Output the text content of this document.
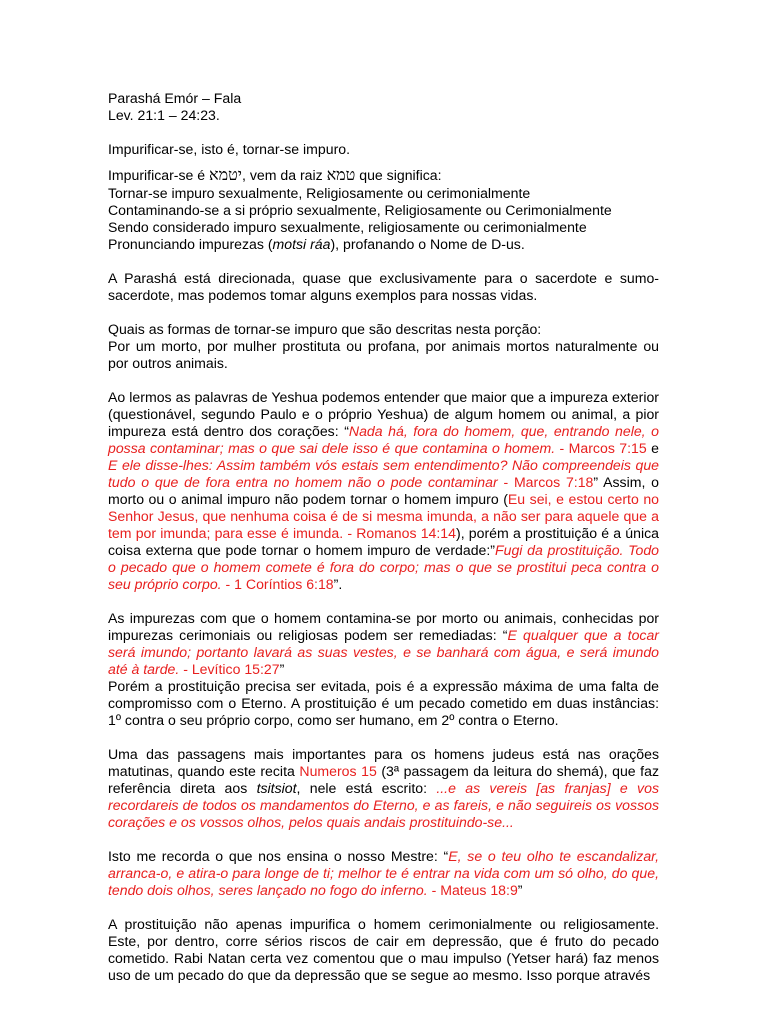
Parashá Emór – Fala
Lev. 21:1 – 24:23.
Impurificar-se, isto é, tornar-se impuro.
Impurificar-se é יטמא, vem da raiz טמא que significa:
Tornar-se impuro sexualmente, Religiosamente ou cerimonialmente
Contaminando-se a si próprio sexualmente, Religiosamente ou Cerimonialmente
Sendo considerado impuro sexualmente, religiosamente ou cerimonialmente
Pronunciando impurezas (motsi ráa), profanando o Nome de D-us.

A Parashá está direcionada, quase que exclusivamente para o sacerdote e sumo-sacerdote, mas podemos tomar alguns exemplos para nossas vidas.

Quais as formas de tornar-se impuro que são descritas nesta porção:

Por um morto, por mulher prostituta ou profana, por animais mortos naturalmente ou por outros animais.

Ao lermos as palavras de Yeshua podemos entender que maior que a impureza exterior (questionável, segundo Paulo e o próprio Yeshua) de algum homem ou animal, a pior impureza está dentro dos corações: “Nada há, fora do homem, que, entrando nele, o possa contaminar; mas o que sai dele isso é que contamina o homem. - Marcos 7:15 e E ele disse-lhes: Assim também vós estais sem entendimento? Não compreendeis que tudo o que de fora entra no homem não o pode contaminar - Marcos 7:18” Assim, o morto ou o animal impuro não podem tornar o homem impuro (Eu sei, e estou certo no Senhor Jesus, que nenhuma coisa é de si mesma imunda, a não ser para aquele que a tem por imunda; para esse é imunda. - Romanos 14:14), porém a prostituição é a única coisa externa que pode tornar o homem impuro de verdade:”Fugi da prostituição. Todo o pecado que o homem comete é fora do corpo; mas o que se prostitui peca contra o seu próprio corpo. - 1 Coríntios 6:18”.

As impurezas com que o homem contamina-se por morto ou animais, conhecidas por impurezas cerimoniais ou religiosas podem ser remediadas: “E qualquer que a tocar será imundo; portanto lavará as suas vestes, e se banhará com água, e será imundo até à tarde. - Levítico 15:27”

Porém a prostituição precisa ser evitada, pois é a expressão máxima de uma falta de compromisso com o Eterno. A prostituição é um pecado cometido em duas instâncias: 1º contra o seu próprio corpo, como ser humano, em 2º contra o Eterno.

Uma das passagens mais importantes para os homens judeus está nas orações matutinas, quando este recita Numeros 15 (3ª passagem da leitura do shemá), que faz referência direta aos tsitsiot, nele está escrito: ...e as vereis [as franjas] e vos recordareis de todos os mandamentos do Eterno, e as fareis, e não seguireis os vossos corações e os vossos olhos, pelos quais andais prostituindo-se...

Isto me recorda o que nos ensina o nosso Mestre: “E, se o teu olho te escandalizar, arranca-o, e atira-o para longe de ti; melhor te é entrar na vida com um só olho, do que, tendo dois olhos, seres lançado no fogo do inferno. - Mateus 18:9”

A prostituição não apenas impurifica o homem cerimonialmente ou religiosamente. Este, por dentro, corre sérios riscos de cair em depressão, que é fruto do pecado cometido. Rabi Natan certa vez comentou que o mau impulso (Yetser hará) faz menos uso de um pecado do que da depressão que se segue ao mesmo. Isso porque através
